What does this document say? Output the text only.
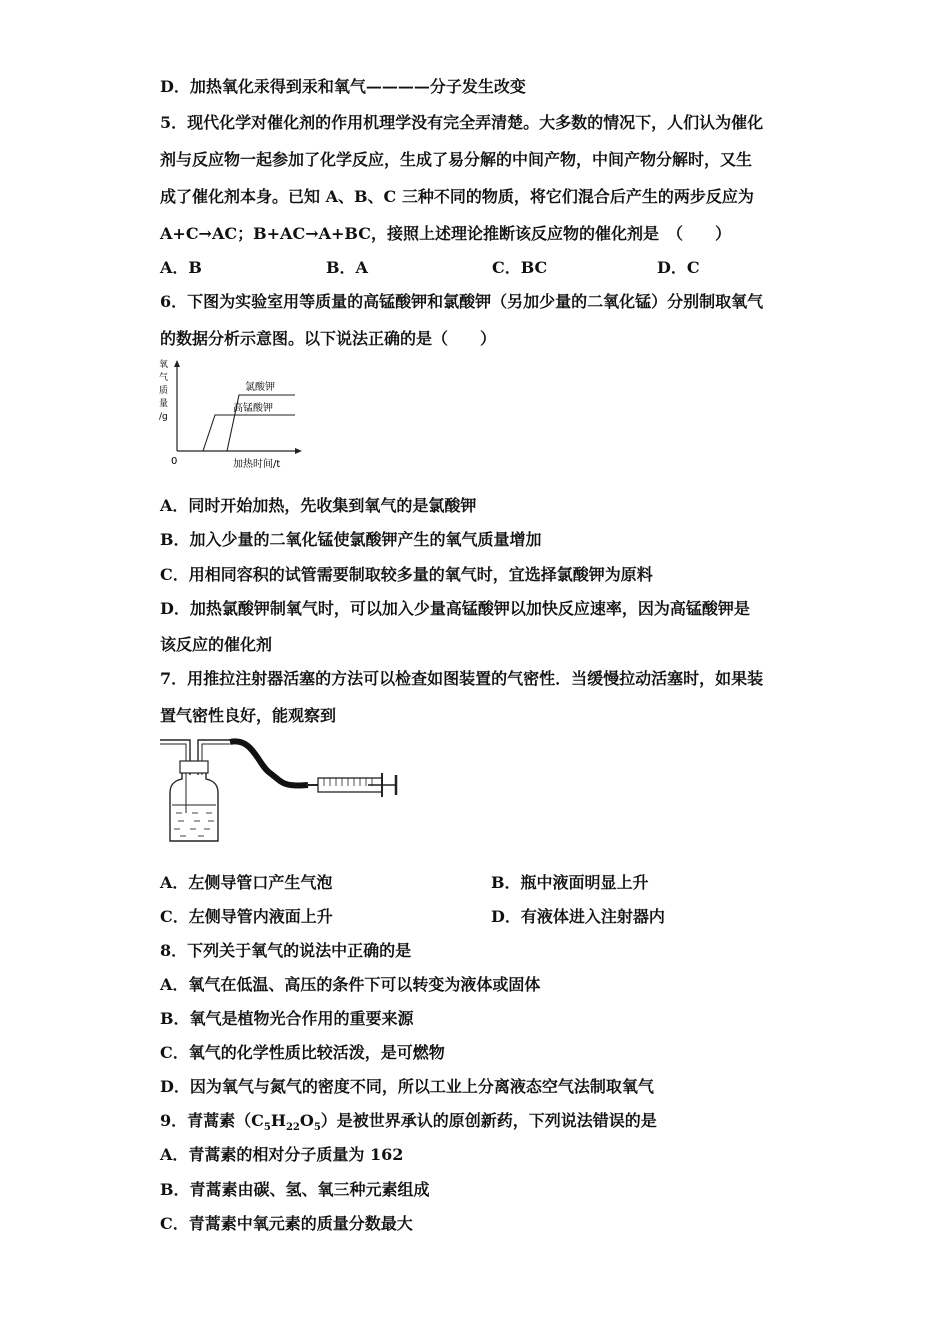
D．加热氧化汞得到汞和氧气————分子发生改变
5．现代化学对催化剂的作用机理学没有完全弄清楚。大多数的情况下，人们认为催化
剂与反应物一起参加了化学反应，生成了易分解的中间产物，中间产物分解时，又生
成了催化剂本身。已知 A、B、C 三种不同的物质，将它们混合后产生的两步反应为
A+C→AC；B+AC→A+BC，接照上述理论推断该反应物的催化剂是　（　　）
A．B	B．A	C．BC	D．C
6．下图为实验室用等质量的高锰酸钾和氯酸钾（另加少量的二氧化锰）分别制取氧气
的数据分析示意图。以下说法正确的是（　　）
氧
气
质
量
/g
0	加热时间/t
氯酸钾
高锰酸钾
A．同时开始加热，先收集到氧气的是氯酸钾
B．加入少量的二氧化锰使氯酸钾产生的氧气质量增加
C．用相同容积的试管需要制取较多量的氧气时，宜选择氯酸钾为原料
D．加热氯酸钾制氧气时，可以加入少量高锰酸钾以加快反应速率，因为高锰酸钾是
该反应的催化剂
7．用推拉注射器活塞的方法可以检查如图装置的气密性．当缓慢拉动活塞时，如果装
置气密性良好，能观察到
A．左侧导管口产生气泡	B．瓶中液面明显上升
C．左侧导管内液面上升	D．有液体进入注射器内
8．下列关于氧气的说法中正确的是
A．氧气在低温、高压的条件下可以转变为液体或固体
B．氧气是植物光合作用的重要来源
C．氧气的化学性质比较活泼，是可燃物
D．因为氧气与氮气的密度不同，所以工业上分离液态空气法制取氧气
9．青蒿素$(C_5H_{22}O_5)$是被世界承认的原创新药，下列说法错误的是
A．青蒿素的相对分子质量为 162
B．青蒿素由碳、氢、氧三种元素组成
C．青蒿素中氧元素的质量分数最大
